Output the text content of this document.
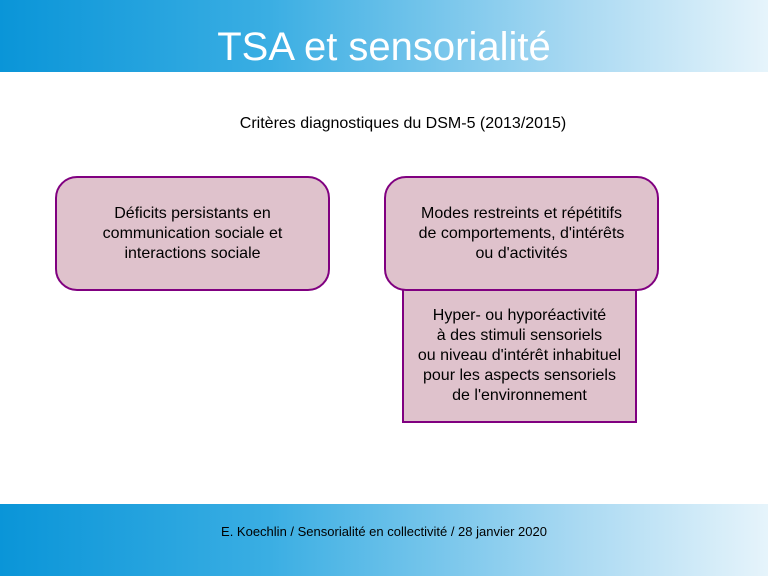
TSA et sensorialité
Critères diagnostiques du DSM-5 (2013/2015)
Déficits persistants en
communication sociale et
interactions sociale
Hyper- ou hyporéactivité
à des stimuli sensoriels
ou niveau d'intérêt inhabituel
pour les aspects sensoriels
de l'environnement
Modes restreints et répétitifs
de comportements, d'intérêts
ou d'activités
E. Koechlin / Sensorialité en collectivité / 28 janvier 2020
